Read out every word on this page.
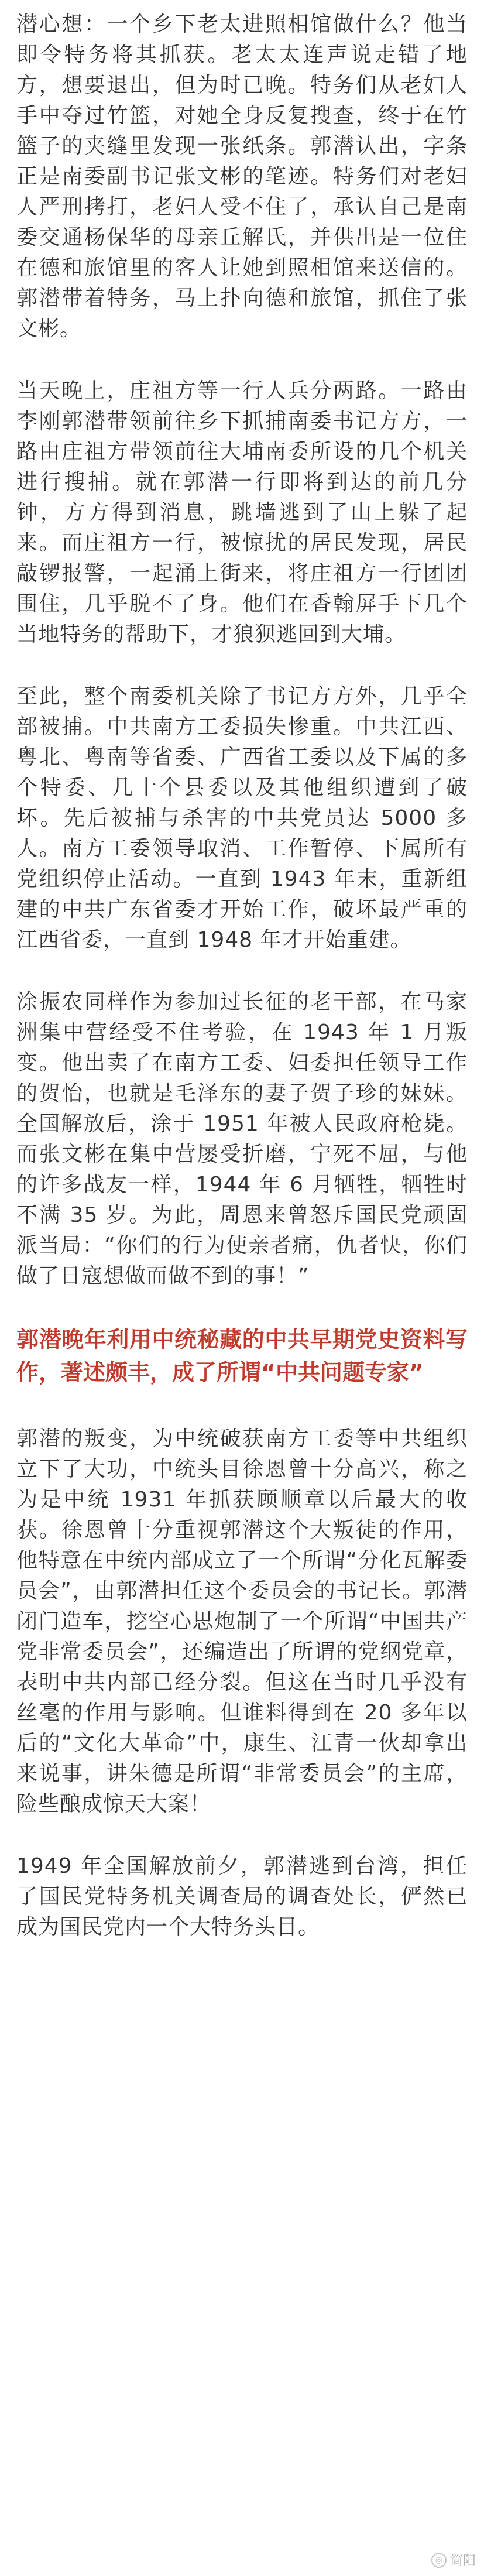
潜心想：一个乡下老太进照相馆做什么？他当即令特务将其抓获。老太太连声说走错了地方，想要退出，但为时已晚。特务们从老妇人手中夺过竹篮，对她全身反复搜查，终于在竹篮子的夹缝里发现一张纸条。郭潜认出，字条正是南委副书记张文彬的笔迹。特务们对老妇人严刑拷打，老妇人受不住了，承认自己是南委交通杨保华的母亲丘解氏，并供出是一位住在德和旅馆里的客人让她到照相馆来送信的。郭潜带着特务，马上扑向德和旅馆，抓住了张文彬。

当天晚上，庄祖方等一行人兵分两路。一路由李刚郭潜带领前往乡下抓捕南委书记方方，一路由庄祖方带领前往大埔南委所设的几个机关进行搜捕。就在郭潜一行即将到达的前几分钟，方方得到消息，跳墙逃到了山上躲了起来。而庄祖方一行，被惊扰的居民发现，居民敲锣报警，一起涌上街来，将庄祖方一行团团围住，几乎脱不了身。他们在香翰屏手下几个当地特务的帮助下，才狼狈逃回到大埔。

至此，整个南委机关除了书记方方外，几乎全部被捕。中共南方工委损失惨重。中共江西、粤北、粤南等省委、广西省工委以及下属的多个特委、几十个县委以及其他组织遭到了破坏。先后被捕与杀害的中共党员达 5000 多人。南方工委领导取消、工作暂停、下属所有党组织停止活动。一直到 1943 年末，重新组建的中共广东省委才开始工作，破坏最严重的江西省委，一直到 1948 年才开始重建。

涂振农同样作为参加过长征的老干部，在马家洲集中营经受不住考验，在 1943 年 1 月叛变。他出卖了在南方工委、妇委担任领导工作的贺怡，也就是毛泽东的妻子贺子珍的妹妹。全国解放后，涂于 1951 年被人民政府枪毙。而张文彬在集中营屡受折磨，宁死不屈，与他的许多战友一样，1944 年 6 月牺牲，牺牲时不满 35 岁。为此，周恩来曾怒斥国民党顽固派当局：“你们的行为使亲者痛，仇者快，你们做了日寇想做而做不到的事！”

郭潜晚年利用中统秘藏的中共早期党史资料写作，著述颇丰，成了所谓“中共问题专家”

郭潜的叛变，为中统破获南方工委等中共组织立下了大功，中统头目徐恩曾十分高兴，称之为是中统 1931 年抓获顾顺章以后最大的收获。徐恩曾十分重视郭潜这个大叛徒的作用，他特意在中统内部成立了一个所谓“分化瓦解委员会”，由郭潜担任这个委员会的书记长。郭潜闭门造车，挖空心思炮制了一个所谓“中国共产党非常委员会”，还编造出了所谓的党纲党章，表明中共内部已经分裂。但这在当时几乎没有丝毫的作用与影响。但谁料得到在 20 多年以后的“文化大革命”中，康生、江青一伙却拿出来说事，讲朱德是所谓“非常委员会”的主席，险些酿成惊天大案！

1949 年全国解放前夕，郭潜逃到台湾，担任了国民党特务机关调查局的调查处长，俨然已成为国民党内一个大特务头目。

◎ 简阳
